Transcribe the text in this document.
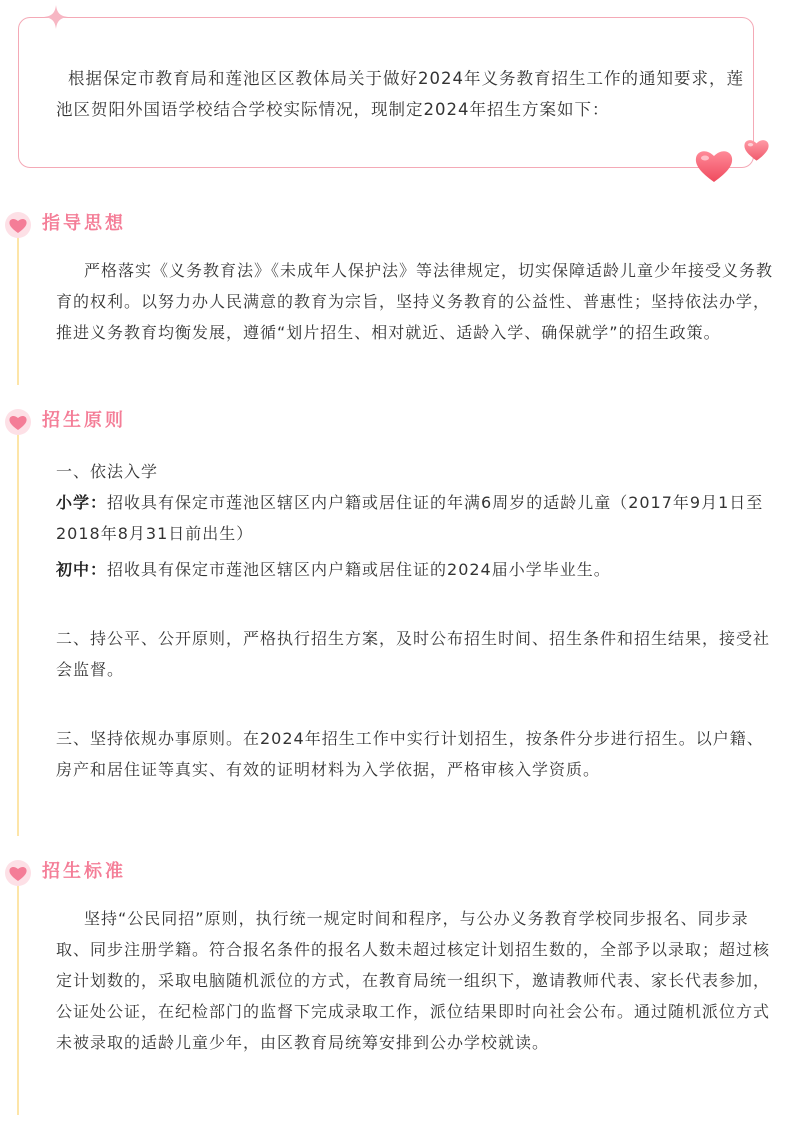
根据保定市教育局和莲池区区教体局关于做好2024年义务教育招生工作的通知要求，莲池区贺阳外国语学校结合学校实际情况，现制定2024年招生方案如下：

指导思想

严格落实《义务教育法》《未成年人保护法》等法律规定，切实保障适龄儿童少年接受义务教育的权利。以努力办人民满意的教育为宗旨，坚持义务教育的公益性、普惠性；坚持依法办学，推进义务教育均衡发展，遵循“划片招生、相对就近、适龄入学、确保就学”的招生政策。

招生原则

一、依法入学

小学：招收具有保定市莲池区辖区内户籍或居住证的年满6周岁的适龄儿童（2017年9月1日至2018年8月31日前出生）

初中：招收具有保定市莲池区辖区内户籍或居住证的2024届小学毕业生。

二、持公平、公开原则，严格执行招生方案，及时公布招生时间、招生条件和招生结果，接受社会监督。

三、坚持依规办事原则。在2024年招生工作中实行计划招生，按条件分步进行招生。以户籍、房产和居住证等真实、有效的证明材料为入学依据，严格审核入学资质。

招生标准

坚持“公民同招”原则，执行统一规定时间和程序，与公办义务教育学校同步报名、同步录取、同步注册学籍。符合报名条件的报名人数未超过核定计划招生数的，全部予以录取；超过核定计划数的，采取电脑随机派位的方式，在教育局统一组织下，邀请教师代表、家长代表参加，公证处公证，在纪检部门的监督下完成录取工作，派位结果即时向社会公布。通过随机派位方式未被录取的适龄儿童少年，由区教育局统筹安排到公办学校就读。
